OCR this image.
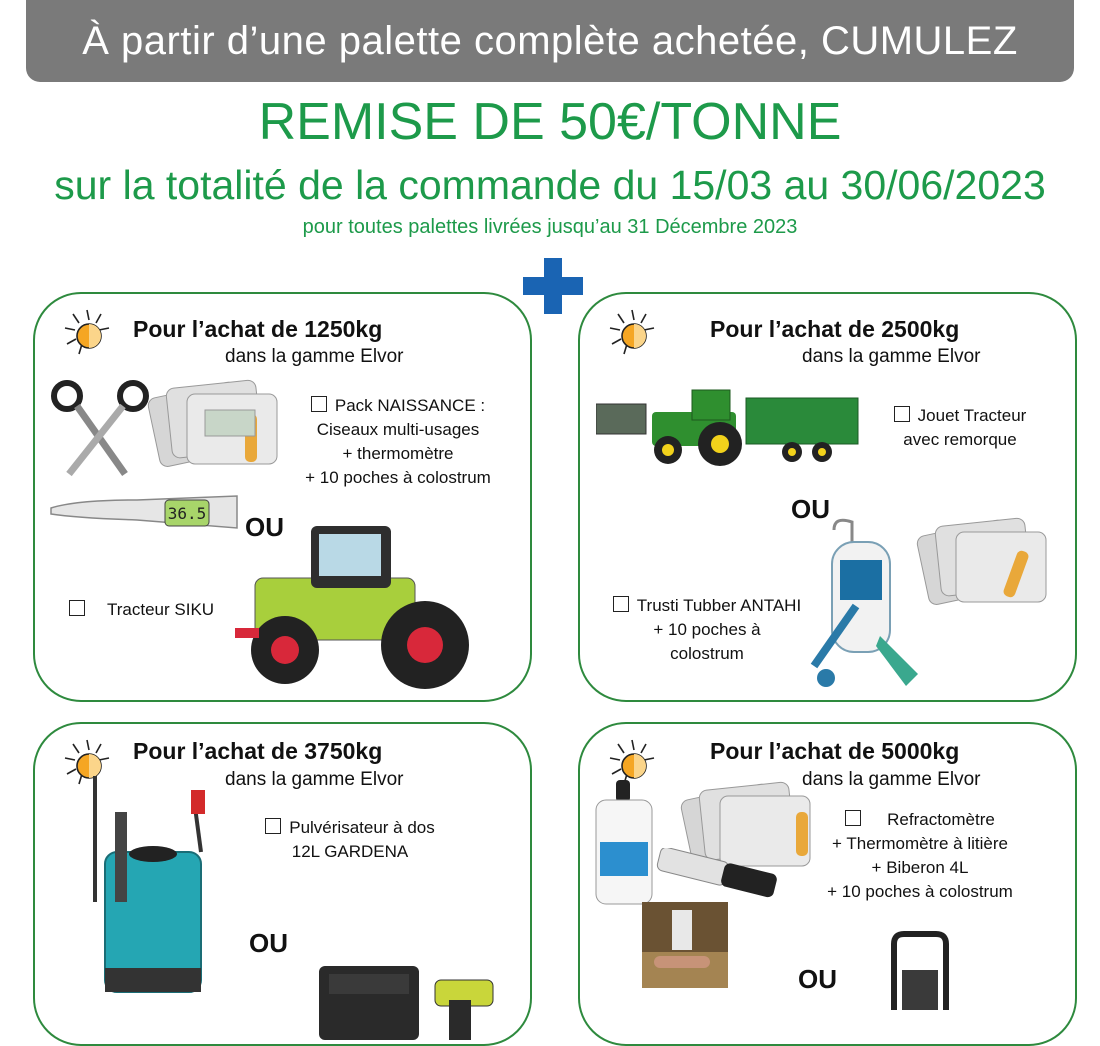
À partir d’une palette complète achetée, CUMULEZ
REMISE DE 50€/TONNE
sur la totalité de la commande du 15/03 au 30/06/2023
pour toutes palettes livrées jusqu’au 31 Décembre 2023
Pour l’achat de 1250kg
dans la gamme Elvor
Pack NAISSANCE :
Ciseaux multi-usages
+ thermomètre
+ 10 poches à colostrum
36.5 OU
Tracteur SIKU
Pour l’achat de 2500kg
dans la gamme Elvor
Jouet Tracteur
avec remorque
OU
Trusti Tubber ANTAHI
+ 10 poches à
colostrum
Pour l’achat de 3750kg
dans la gamme Elvor
Pulvérisateur à dos
12L GARDENA
OU
Pour l’achat de 5000kg
dans la gamme Elvor
Refractomètre
+ Thermomètre à litière
+ Biberon 4L
+ 10 poches à colostrum
OU
